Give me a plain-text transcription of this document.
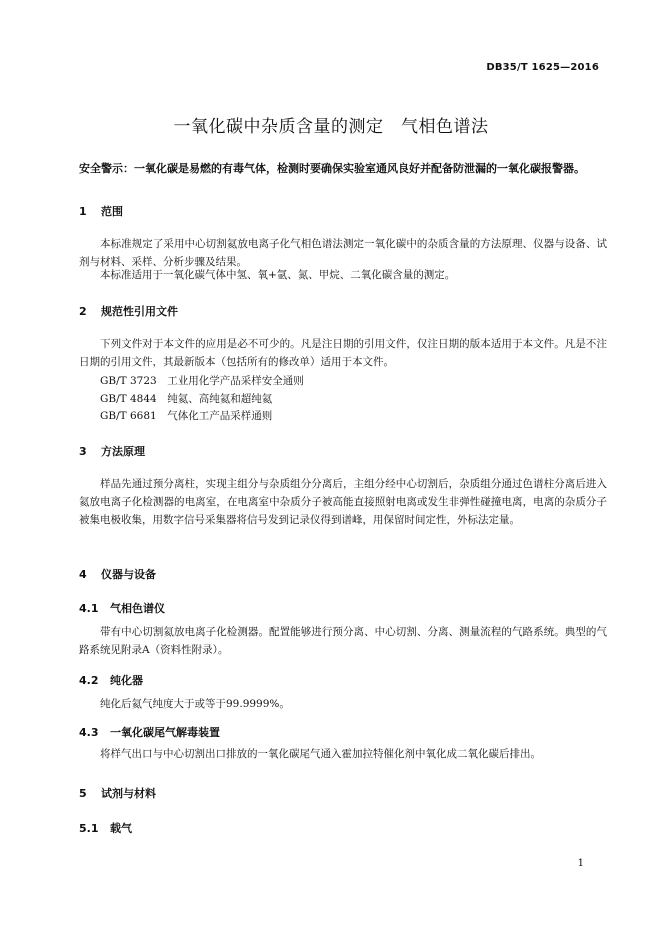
DB35/T 1625—2016
一氧化碳中杂质含量的测定　气相色谱法
安全警示：一氧化碳是易燃的有毒气体，检测时要确保实验室通风良好并配备防泄漏的一氧化碳报警器。
1 范围
本标准规定了采用中心切割氦放电离子化气相色谱法测定一氧化碳中的杂质含量的方法原理、仪器与设备、试剂与材料、采样、分析步骤及结果。
本标准适用于一氧化碳气体中氢、氧+氩、氮、甲烷、二氧化碳含量的测定。
2 规范性引用文件
下列文件对于本文件的应用是必不可少的。凡是注日期的引用文件，仅注日期的版本适用于本文件。凡是不注日期的引用文件，其最新版本（包括所有的修改单）适用于本文件。
GB/T 3723　工业用化学产品采样安全通则
GB/T 4844　纯氦、高纯氦和超纯氦
GB/T 6681　气体化工产品采样通则
3 方法原理
样品先通过预分离柱，实现主组分与杂质组分分离后，主组分经中心切割后，杂质组分通过色谱柱分离后进入氦放电离子化检测器的电离室，在电离室中杂质分子被高能直接照射电离或发生非弹性碰撞电离，电离的杂质分子被集电极收集，用数字信号采集器将信号发到记录仪得到谱峰，用保留时间定性，外标法定量。
4 仪器与设备
4.1 气相色谱仪
带有中心切割氦放电离子化检测器。配置能够进行预分离、中心切割、分离、测量流程的气路系统。典型的气路系统见附录A（资料性附录）。
4.2 纯化器
纯化后氦气纯度大于或等于99.9999%。
4.3 一氧化碳尾气解毒装置
将样气出口与中心切割出口排放的一氧化碳尾气通入霍加拉特催化剂中氧化成二氧化碳后排出。
5 试剂与材料
5.1 载气
1
